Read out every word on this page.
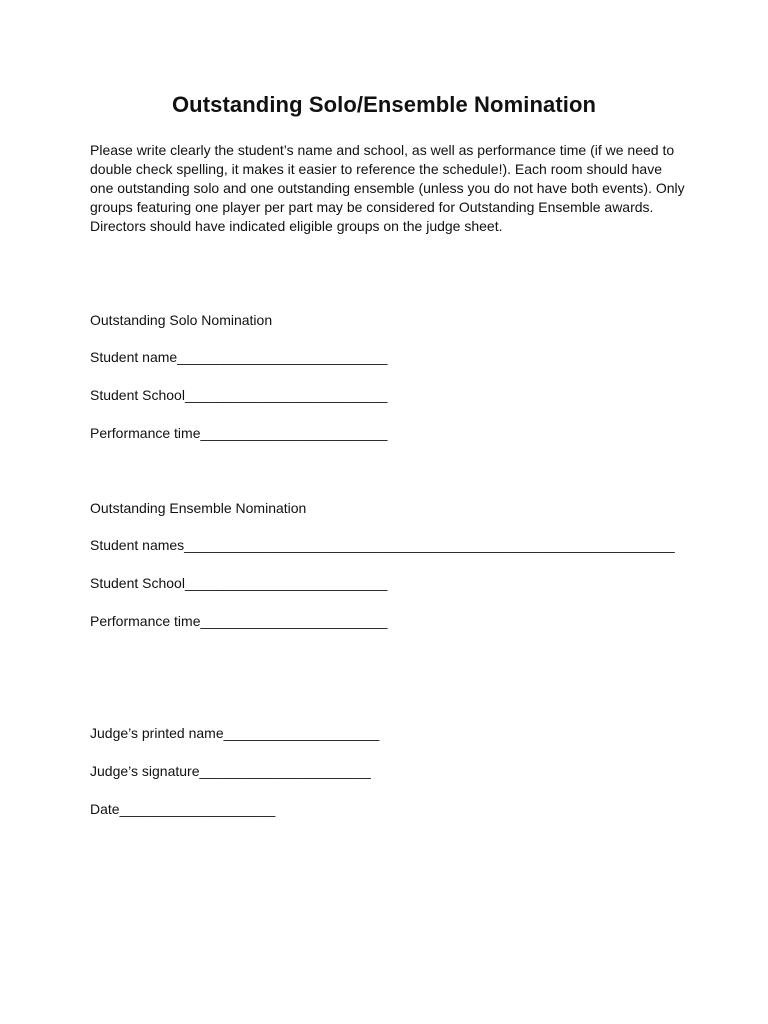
Outstanding Solo/Ensemble Nomination

Please write clearly the student’s name and school, as well as performance time (if we need to
double check spelling, it makes it easier to reference the schedule!). Each room should have
one outstanding solo and one outstanding ensemble (unless you do not have both events). Only
groups featuring one player per part may be considered for Outstanding Ensemble awards.
Directors should have indicated eligible groups on the judge sheet.

Outstanding Solo Nomination
Student name___________________________
Student School__________________________
Performance time________________________
Outstanding Ensemble Nomination
Student names_______________________________________________________________
Student School__________________________
Performance time________________________
Judge’s printed name____________________
Judge’s signature______________________
Date____________________
